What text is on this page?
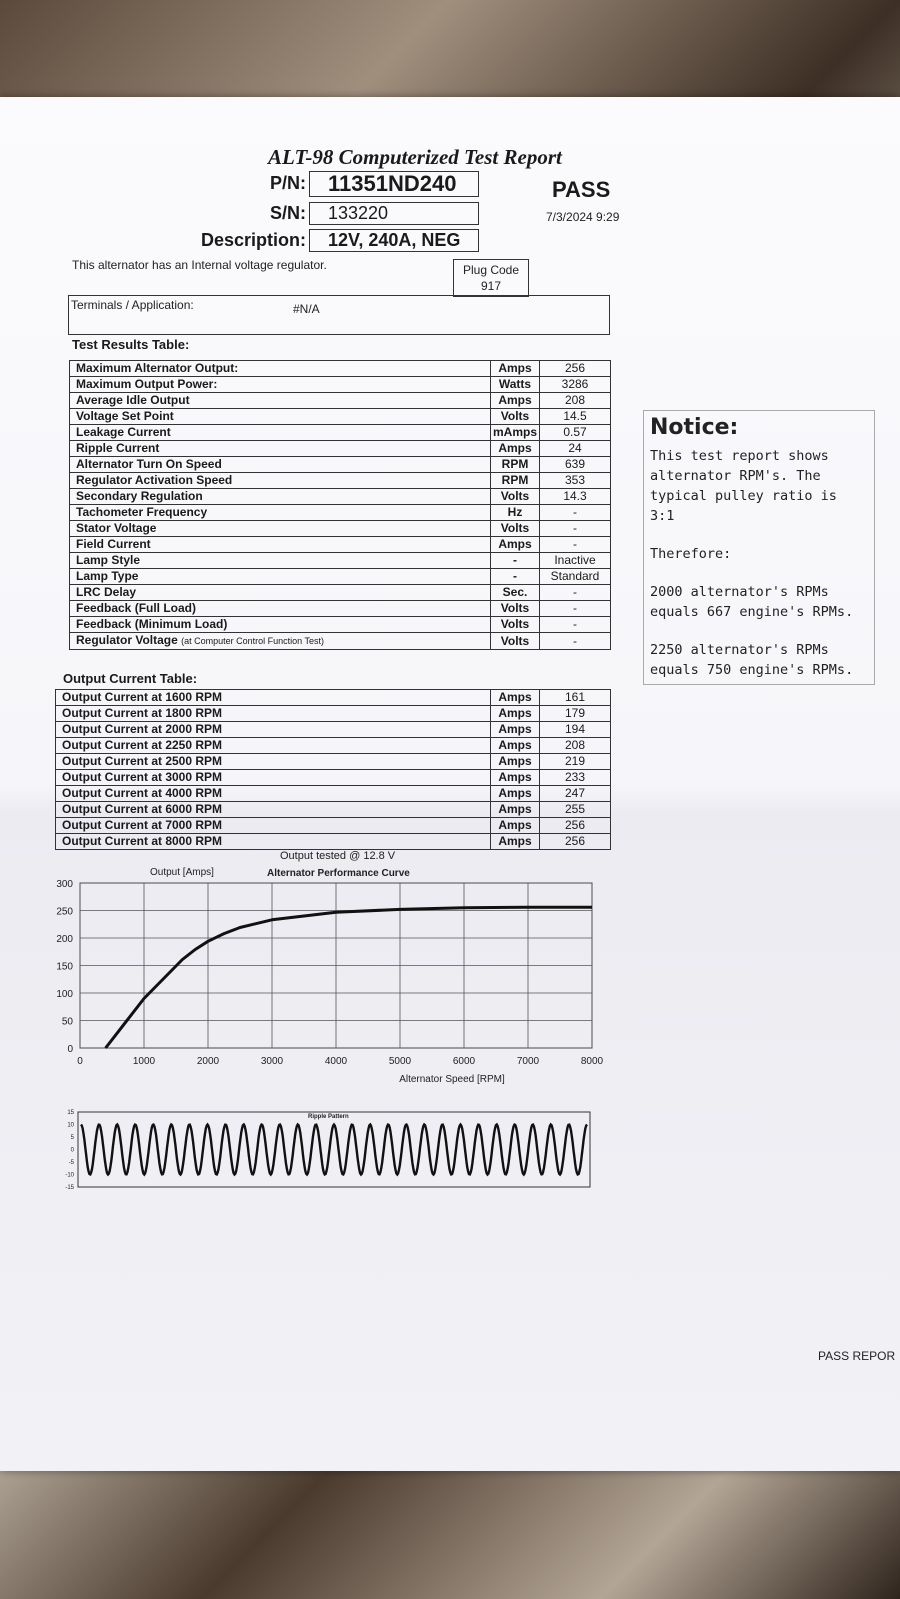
ALT-98 Computerized Test Report
P/N:	11351ND240
S/N:	133220
Description:	12V, 240A, NEG
PASS
7/3/2024 9:29
This alternator has an Internal voltage regulator.	Plug Code
917
Terminals / Application:	#N/A
Test Results Table:
Maximum Alternator Output:	Amps	256
Maximum Output Power:	Watts	3286
Average Idle Output	Amps	208
Voltage Set Point	Volts	14.5
Leakage Current	mAmps	0.57
Ripple Current	Amps	24
Alternator Turn On Speed	RPM	639
Regulator Activation Speed	RPM	353
Secondary Regulation	Volts	14.3
Tachometer Frequency	Hz	-
Stator Voltage	Volts	-
Field Current	Amps	-
Lamp Style	-	Inactive
Lamp Type	-	Standard
LRC Delay	Sec.	-
Feedback (Full Load)	Volts	-
Feedback (Minimum Load)	Volts	-
Regulator Voltage (at Computer Control Function Test)	Volts	-
Output Current Table:
Output Current at 1600 RPM	Amps	161
Output Current at 1800 RPM	Amps	179
Output Current at 2000 RPM	Amps	194
Output Current at 2250 RPM	Amps	208
Output Current at 2500 RPM	Amps	219
Output Current at 3000 RPM	Amps	233
Output Current at 4000 RPM	Amps	247
Output Current at 6000 RPM	Amps	255
Output Current at 7000 RPM	Amps	256
Output Current at 8000 RPM	Amps	256
Output tested @ 12.8 V
Notice:

This test report shows alternator RPM's. The typical pulley ratio is 3:1

Therefore:

2000 alternator's RPMs equals 667 engine's RPMs.

2250 alternator's RPMs equals 750 engine's RPMs.

Output [Amps]	Alternator Performance Curve
0	1000	2000	3000	4000	5000	6000	7000	8000
0
50
100
150
200
250
300
Alternator Speed [RPM]
Ripple Pattern
15
10
5
0
-5
-10
-15
PASS REPOR
